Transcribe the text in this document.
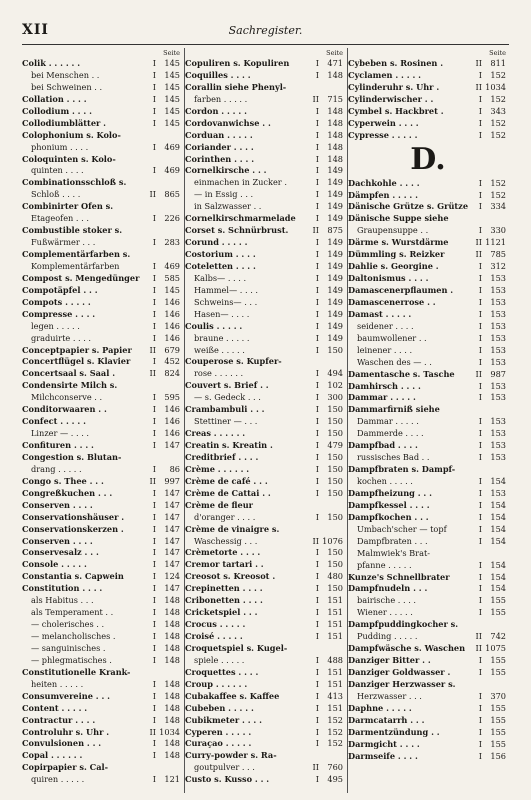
XII	Sachregister.
Seite
Colik . . . . . .	I 145
bei Menschen . .	I 145
bei Schweinen . .	I 145
Collation . . . .	I 145
Collodium . . . .	I 145
Collodiumblätter .	I 145
Colophonium s. Kolo-
phonium . . . .	I 469
Coloquinten s. Kolo-
quinten . . . .	I 469
Combinationsschloß s.
Schloß . . . .	II 865
Combinirter Ofen s.
Etageofen . . .	I 226
Combustible stoker s.
Fußwärmer . . .	I 283
Complementärfarben s.
Komplementärfarben	I 469
Compost s. Mengedünger	I 585
Compotäpfel . . .	I 145
Compots . . . . .	I 146
Compresse . . . .	I 146
legen . . . . .	I 146
graduirte . . . .	I 146
Conceptpapier s. Papier	II 679
Concertflügel s. Klavier	I 452
Concertsaal s. Saal .	II 824
Condensirte Milch s.
Milchconserve . .	I 595
Conditorwaaren . .	I 146
Confect . . . . .	I 146
Linzer — . . . .	I 146
Confituren . . . .	I 147
Congestion s. Blutan-
drang . . . . .	I 86
Congo s. Thee . . .	II 997
Congreßkuchen . . .	I 147
Conserven . . . .	I 147
Conservationshäuser .	I 147
Conservationskerzen .	I 147
Conserven . . . .	I 147
Conservesalz . . .	I 147
Console . . . . .	I 147
Constantia s. Capwein	I 124
Constitution . . . .	I 147
als Habitus . . .	I 148
als Temperament . .	I 148
— cholerisches . .	I 148
— melancholisches .	I 148
— sanguinisches .	I 148
— phlegmatisches .	I 148
Constitutionelle Krank-
heiten . . . . .	I 148
Consumvereine . . .	I 148
Content . . . . .	I 148
Contractur . . . .	I 148
Controluhr s. Uhr .	II 1034
Convulsionen . . .	I 148
Copal . . . . . .	I 148
Copirpapier s. Cal-
quiren . . . . .	I 121
Seite
Copuliren s. Kopuliren	I 471
Coquilles . . . .	I 148
Corallin siehe Phenyl-
farben . . . . .	II 715
Cordon . . . . .	I 148
Cordovanwichse . .	I 148
Corduan . . . . .	I 148
Coriander . . . .	I 148
Corinthen . . . .	I 148
Cornelkirsche . . .	I 149
einmachen in Zucker .	I 149
— in Essig . . .	I 149
in Salzwasser . .	I 149
Cornelkirschmarmelade	I 149
Corset s. Schnürbrust.	II 875
Corund . . . . .	I 149
Costorium . . . .	I 149
Coteletten . . . .	I 149
Kalbs— . . . .	I 149
Hammel— . . . .	I 149
Schweins— . . .	I 149
Hasen— . . . .	I 149
Coulis . . . . .	I 149
braune . . . . .	I 149
weiße . . . . .	I 150
Couperose s. Kupfer-
rose . . . . . .	I 494
Couvert s. Brief . .	I 102
— s. Gedeck . . .	I 300
Crambambuli . . .	I 150
Stettiner — . . .	I 150
Creas . . . . . .	I 150
Creatin s. Kreatin .	I 479
Creditbrief . . . .	I 150
Crème . . . . . .	I 150
Crème de café . . .	I 150
Crème de Cattai . .	I 150
Crème de fleur
d'oranger . . . .	I 150
Crème de vinaigre s.
Waschessig . . .	II 1076
Crèmetorte . . . .	I 150
Cremor tartari . .	I 150
Creosot s. Kreosot .	I 480
Crepinetten . . . .	I 150
Cribonetten . . . .	I 151
Cricketspiel . . .	I 151
Crocus . . . . .	I 151
Croisé . . . . .	I 151
Croquetspiel s. Kugel-
spiele . . . . .	I 488
Croquettes . . . .	I 151
Croup . . . . . .	I 151
Cubakaffee s. Kaffee	I 413
Cubeben . . . . .	I 151
Cubikmeter . . . .	I 152
Cyperen . . . . .	I 152
Curaçao . . . . .	I 152
Curry-powder s. Ra-
goutpulver . . .	II 760
Custo s. Kusso . . .	I 495
Seite
Cybeben s. Rosinen .	II 811
Cyclamen . . . . .	I 152
Cylinderuhr s. Uhr .	II 1034
Cylinderwischer . .	I 152
Cymbel s. Hackbret .	I 343
Cyperwein . . . .	I 152
Cypresse . . . . .	I 152
D.
Dachkohle . . . .	I 152
Dämpfen . . . . .	I 152
Dänische Grütze s. Grütze	I 334
Dänische Suppe siehe
Graupensuppe . .	I 330
Därme s. Wurstdärme	II 1121
Dümmling s. Reizker	II 785
Dahlie s. Georgine .	I 312
Daltonismus . . . .	I 153
Damascenerpflaumen .	I 153
Damascenerrose . .	I 153
Damast . . . . .	I 153
seidener . . . .	I 153
baumwollener . .	I 153
leinener . . . .	I 153
Waschen des — . .	I 153
Damentasche s. Tasche	II 987
Damhirsch . . . .	I 153
Dammar . . . . .	I 153
Dammarfirniß siehe
Dammar . . . . .	I 153
Dammerde . . . .	I 153
Dampfbad . . . .	I 153
russisches Bad . .	I 153
Dampfbraten s. Dampf-
kochen . . . . .	I 154
Dampfheizung . . .	I 153
Dampfkessel . . . .	I 154
Dampfkochen . . .	I 154
Umbach'scher — topf	I 154
Dampfbraten . . .	I 154
Malmwiek's Brat-
pfanne . . . . .	I 154
Kunze's Schnellbrater	I 154
Dampfnudeln . . .	I 154
bairische . . . .	I 155
Wiener . . . . .	I 155
Dampfpuddingkocher s.
Pudding . . . . .	II 742
Dampfwäsche s. Waschen	II 1075
Danziger Bitter . .	I 155
Danziger Goldwasser .	I 155
Danziger Herzwasser s.
Herzwasser . . .	I 370
Daphne . . . . .	I 155
Darmcatarrh . . .	I 155
Darmentzündung . .	I 155
Darmgicht . . . .	I 155
Darmseife . . . .	I 156
